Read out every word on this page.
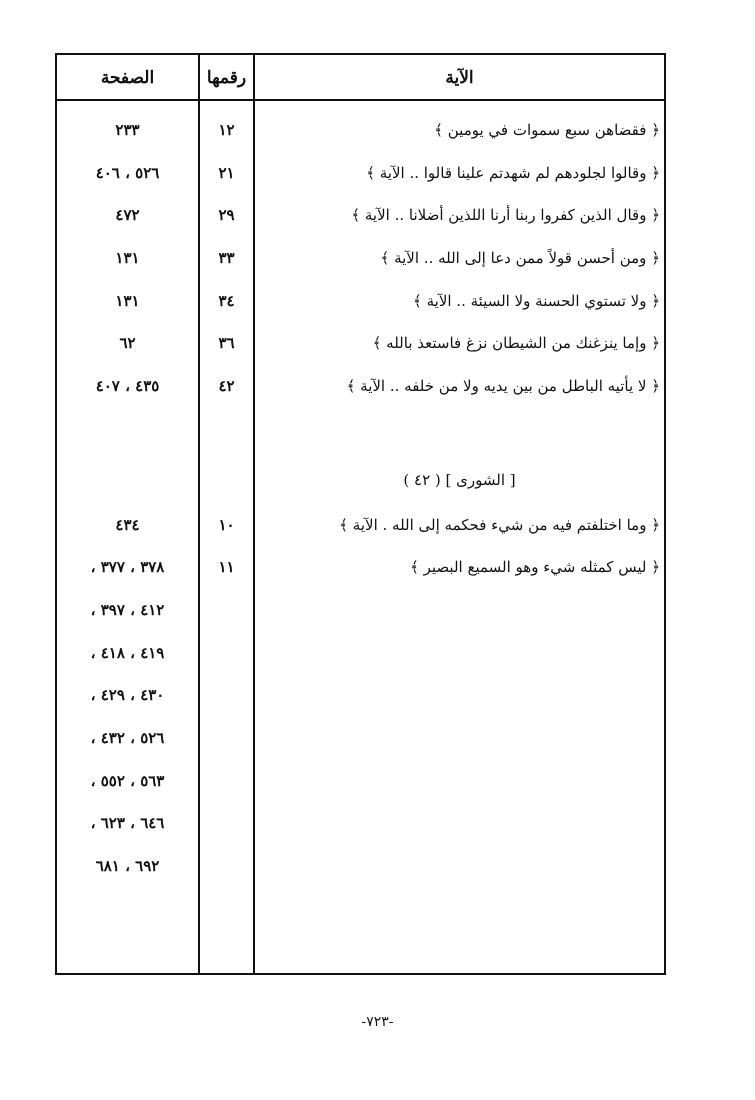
الصفحة	رقمها	الآية
﴿ فقضاهن سبع سموات في يومين ﴾
١٢
٢٣٣
﴿ وقالوا لجلودهم لم شهدتم علينا قالوا .. الآية ﴾
٢١
٥٢٦ ، ٤٠٦
﴿ وقال الذين كفروا ربنا أرنا اللذين أضلانا .. الآية ﴾
٢٩
٤٧٢
﴿ ومن أحسن قولاً ممن دعا إلى الله .. الآية ﴾
٣٣
١٣١
﴿ ولا تستوي الحسنة ولا السيئة .. الآية ﴾
٣٤
١٣١
﴿ وإما ينزغنك من الشيطان نزغ فاستعذ بالله ﴾
٣٦
٦٢
﴿ لا يأتيه الباطل من بين يديه ولا من خلفه .. الآية ﴾
٤٢
٤٣٥ ، ٤٠٧
[ الشورى ] ( ٤٢ )
﴿ وما اختلفتم فيه من شيء فحكمه إلى الله . الآية ﴾
١٠
٤٣٤
﴿ ليس كمثله شيء وهو السميع البصير ﴾
١١
٣٧٨ ، ٣٧٧ ،
٤١٢ ، ٣٩٧ ،
٤١٩ ، ٤١٨ ،
٤٣٠ ، ٤٢٩ ،
٥٢٦ ، ٤٣٢ ،
٥٦٣ ، ٥٥٢ ،
٦٤٦ ، ٦٢٣ ،
٦٩٢ ، ٦٨١
-٧٢٣-
